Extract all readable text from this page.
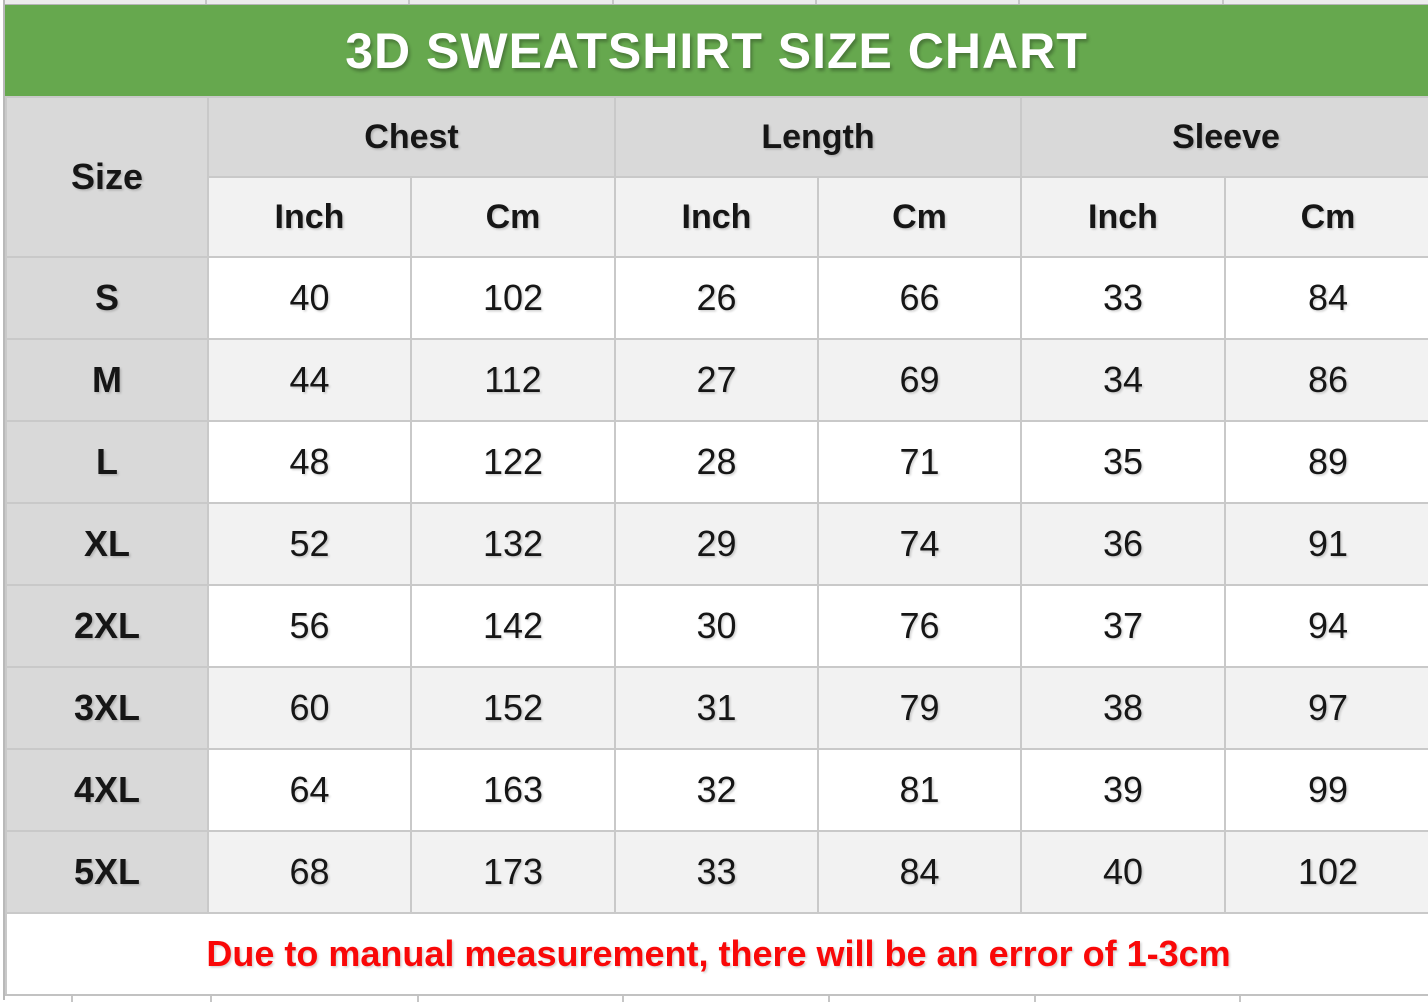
3D SWEATSHIRT SIZE CHART
Size	Chest		Length		Sleeve	
	Inch	Cm	Inch	Cm	Inch	Cm
S	40	102	26	66	33	84
M	44	112	27	69	34	86
L	48	122	28	71	35	89
XL	52	132	29	74	36	91
2XL	56	142	30	76	37	94
3XL	60	152	31	79	38	97
4XL	64	163	32	81	39	99
5XL	68	173	33	84	40	102
Due to manual measurement, there will be an error of 1-3cm						
